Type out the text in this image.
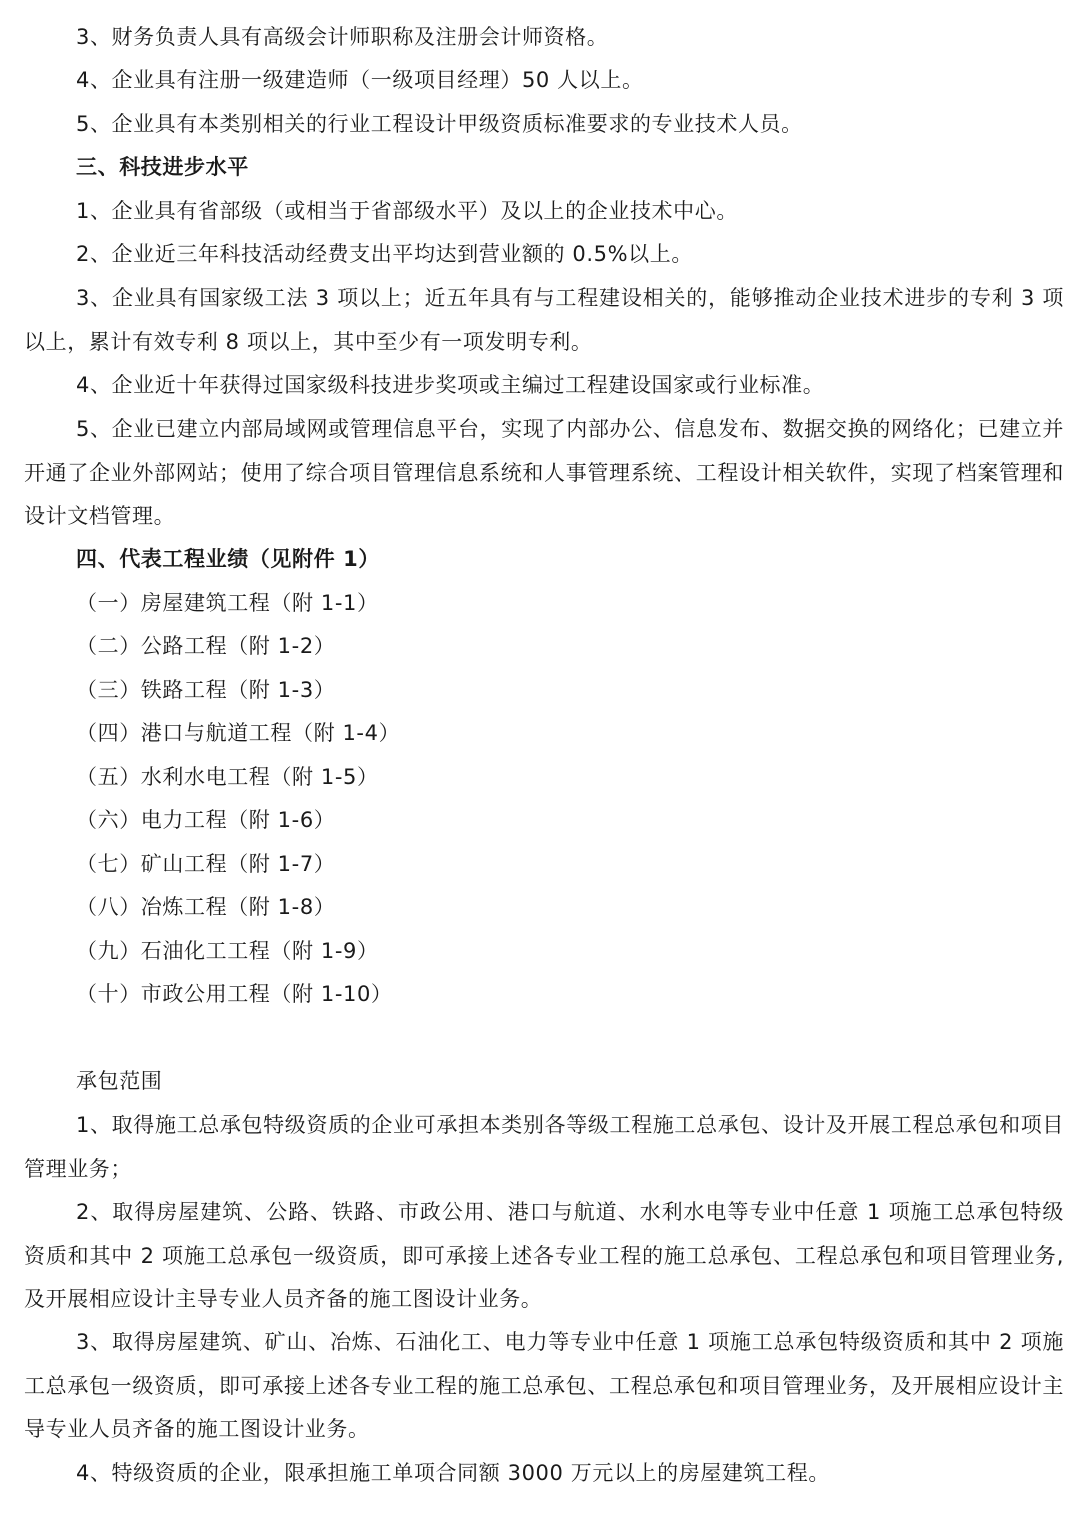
3、财务负责人具有高级会计师职称及注册会计师资格。
4、企业具有注册一级建造师（一级项目经理）50 人以上。
5、企业具有本类别相关的行业工程设计甲级资质标准要求的专业技术人员。
三、科技进步水平
1、企业具有省部级（或相当于省部级水平）及以上的企业技术中心。
2、企业近三年科技活动经费支出平均达到营业额的 0.5%以上。
3、企业具有国家级工法 3 项以上；近五年具有与工程建设相关的，能够推动企业技术进步的专利 3 项以上，累计有效专利 8 项以上，其中至少有一项发明专利。
4、企业近十年获得过国家级科技进步奖项或主编过工程建设国家或行业标准。
5、企业已建立内部局域网或管理信息平台，实现了内部办公、信息发布、数据交换的网络化；已建立并开通了企业外部网站；使用了综合项目管理信息系统和人事管理系统、工程设计相关软件，实现了档案管理和设计文档管理。
四、代表工程业绩（见附件 1）
（一）房屋建筑工程（附 1-1）
（二）公路工程（附 1-2）
（三）铁路工程（附 1-3）
（四）港口与航道工程（附 1-4）
（五）水利水电工程（附 1-5）
（六）电力工程（附 1-6）
（七）矿山工程（附 1-7）
（八）冶炼工程（附 1-8）
（九）石油化工工程（附 1-9）
（十）市政公用工程（附 1-10）
承包范围
1、取得施工总承包特级资质的企业可承担本类别各等级工程施工总承包、设计及开展工程总承包和项目管理业务；
2、取得房屋建筑、公路、铁路、市政公用、港口与航道、水利水电等专业中任意 1 项施工总承包特级资质和其中 2 项施工总承包一级资质，即可承接上述各专业工程的施工总承包、工程总承包和项目管理业务,及开展相应设计主导专业人员齐备的施工图设计业务。
3、取得房屋建筑、矿山、冶炼、石油化工、电力等专业中任意 1 项施工总承包特级资质和其中 2 项施工总承包一级资质，即可承接上述各专业工程的施工总承包、工程总承包和项目管理业务，及开展相应设计主导专业人员齐备的施工图设计业务。
4、特级资质的企业，限承担施工单项合同额 3000 万元以上的房屋建筑工程。
